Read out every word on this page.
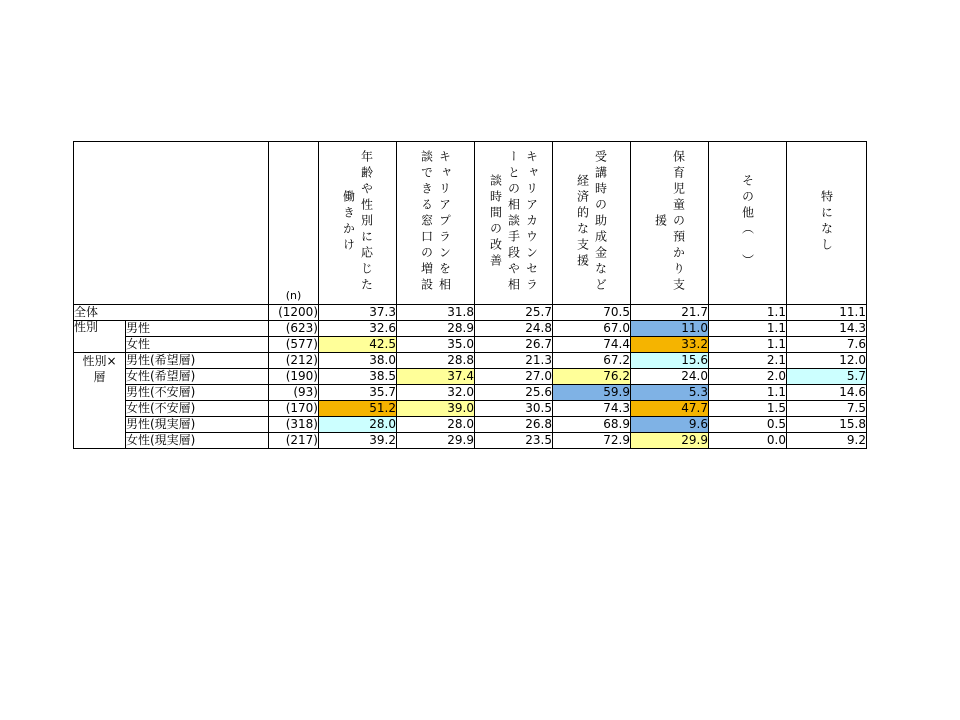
		(n)	年齢や性別に応じた働きかけ	キャリアプランを相談できる窓口の増設	キャリアカウンセラーとの相談手段や相談時間の改善	受講時の助成金など経済的な支援	保育児童の預かり支援	その他（　）	特になし
全体		(1200)	37.3	31.8	25.7	70.5	21.7	1.1	11.1
性別	男性	(623)	32.6	28.9	24.8	67.0	11.0	1.1	14.3
	女性	(577)	42.5	35.0	26.7	74.4	33.2	1.1	7.6

性別×
層	男性(希望層)	(212)	38.0	28.8	21.3	67.2	15.6	2.1	12.0
	女性(希望層)	(190)	38.5	37.4	27.0	76.2	24.0	2.0	5.7
	男性(不安層)	(93)	35.7	32.0	25.6	59.9	5.3	1.1	14.6
	女性(不安層)	(170)	51.2	39.0	30.5	74.3	47.7	1.5	7.5
	男性(現実層)	(318)	28.0	28.0	26.8	68.9	9.6	0.5	15.8
	女性(現実層)	(217)	39.2	29.9	23.5	72.9	29.9	0.0	9.2
